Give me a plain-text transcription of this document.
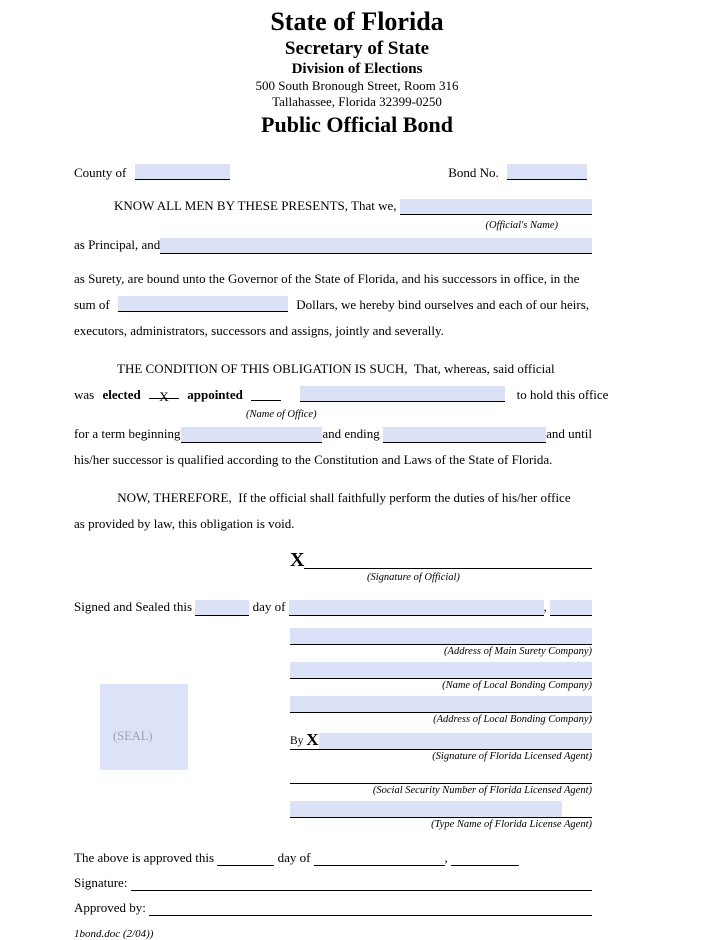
State of Florida
Secretary of State
Division of Elections
500 South Bronough Street, Room 316
Tallahassee, Florida 32399-0250
Public Official Bond
County of	Bond No.
KNOW ALL MEN BY THESE PRESENTS, That we,
(Official's Name)
as Principal, and
as Surety, are bound unto the Governor of the State of Florida, and his successors in office, in the
sum of	Dollars, we hereby bind ourselves and each of our heirs,
executors, administrators, successors and assigns, jointly and severally.
THE CONDITION OF THIS OBLIGATION IS SUCH,  That, whereas, said official
was elected X appointed	to hold this office
(Name of Office)
for a term beginning	and ending	and until
his/her successor is qualified according to the Constitution and Laws of the State of Florida.
NOW, THEREFORE,  If the official shall faithfully perform the duties of his/her office
as provided by law, this obligation is void.
X
(Signature of Official)
Signed and Sealed this	day of	,
(SEAL)
(Address of Main Surety Company)
(Name of Local Bonding Company)
(Address of Local Bonding Company)
By X
(Signature of Florida Licensed Agent)
(Social Security Number of Florida Licensed Agent)
(Type Name of Florida License Agent)
The above is approved this	day of	,
Signature:
Approved by:
1bond.doc (2/04))
